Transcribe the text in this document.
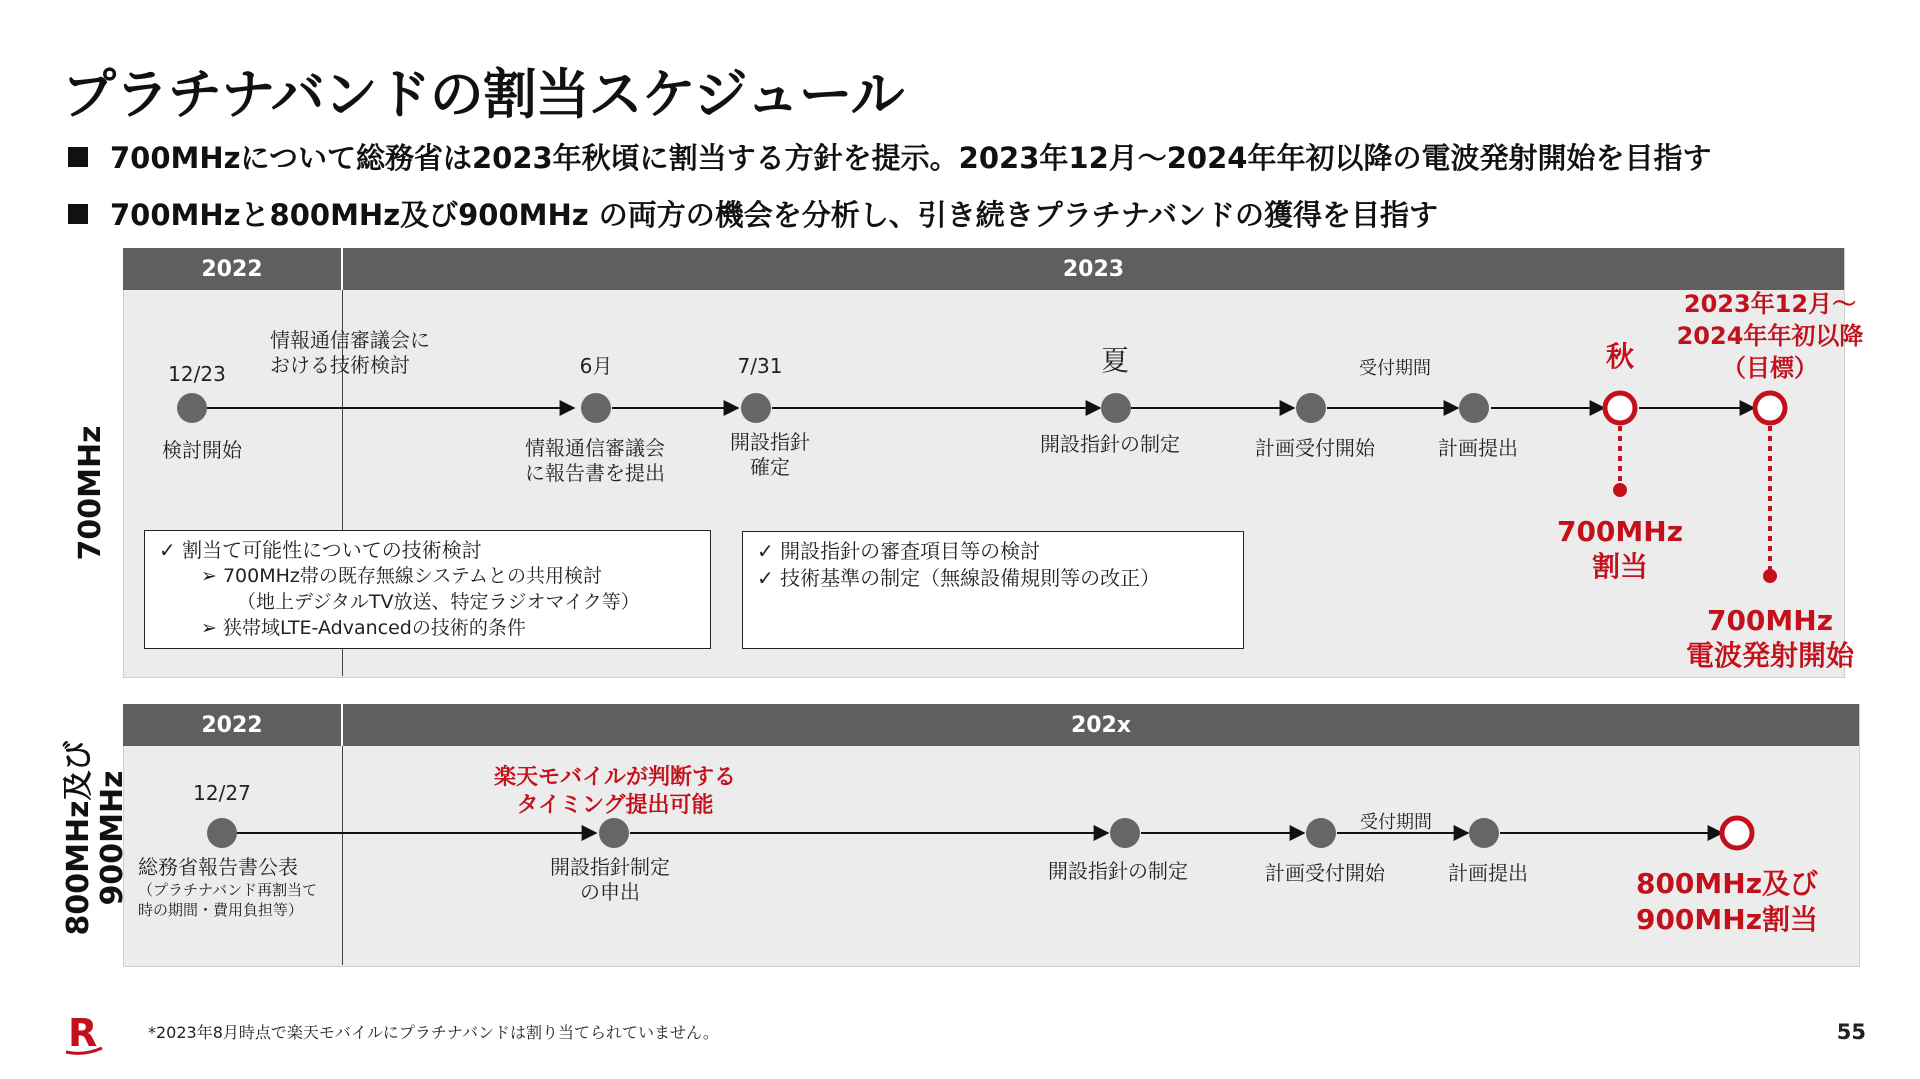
プラチナバンドの割当スケジュール
700MHzについて総務省は2023年秋頃に割当する方針を提示。2023年12月～2024年年初以降の電波発射開始を目指す
700MHzと800MHz及び900MHz の両方の機会を分析し、引き続きプラチナバンドの獲得を目指す
2022	2023
700MHz
2022	202x
800MHz及び 900MHz
12/23
検討開始
情報通信審議会に
おける技術検討	6月
情報通信審議会
に報告書を提出
7/31
開設指針
確定
夏
開設指針の制定	計画受付開始
受付期間
計画提出
秋
2023年12月～
2024年年初以降
（目標）
700MHz
割当
700MHz
電波発射開始
✓ 割当て可能性についての技術検討
➢ 700MHz帯の既存無線システムとの共用検討
（地上デジタルTV放送、特定ラジオマイク等）
➢ 狭帯域LTE-Advancedの技術的条件
✓ 開設指針の審査項目等の検討
✓ 技術基準の制定（無線設備規則等の改正）
12/27
総務省報告書公表
（プラチナバンド再割当て
時の期間・費用負担等）
楽天モバイルが判断する
タイミング提出可能
開設指針制定
の申出
開設指針の制定	計画受付開始
受付期間
計画提出	800MHz及び
900MHz割当
R	*2023年8月時点で楽天モバイルにプラチナバンドは割り当てられていません。	55
